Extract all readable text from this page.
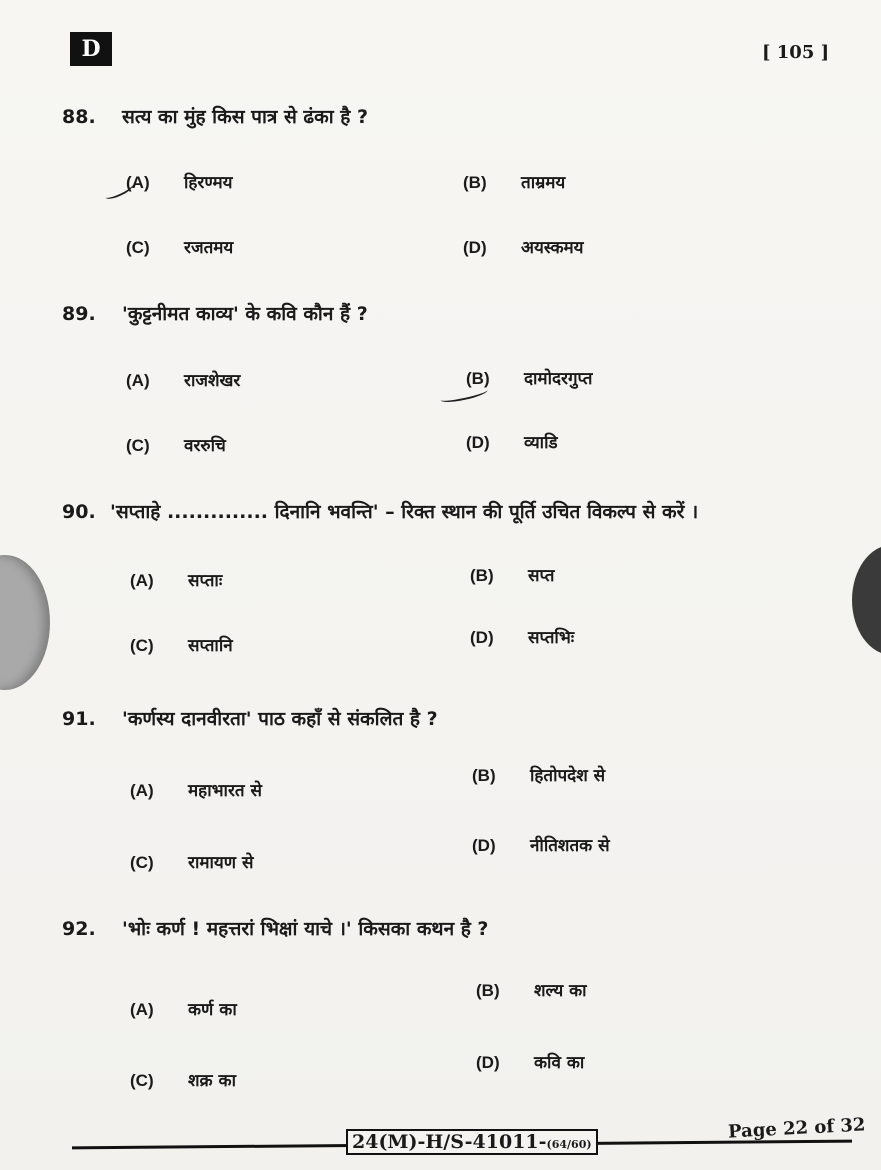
D	[ 105 ]
88. सत्य का मुंह किस पात्र से ढंका है ?
(A) हिरण्मय	(B) ताम्रमय
(C) रजतमय	(D) अयस्कमय
89. 'कुट्टनीमत काव्य' के कवि कौन हैं ?
(A) राजशेखर	(B) दामोदरगुप्त
(C) वररुचि	(D) व्याडि
90. 'सप्ताहे .............. दिनानि भवन्ति' – रिक्त स्थान की पूर्ति उचित विकल्प से करें ।
(A) सप्ताः	(B) सप्त
(C) सप्तानि	(D) सप्तभिः
91. 'कर्णस्य दानवीरता' पाठ कहाँ से संकलित है ?
(A) महाभारत से
(B) हितोपदेश से
(C) रामायण से
(D) नीतिशतक से
92. 'भोः कर्ण ! महत्तरां भिक्षां याचे ।' किसका कथन है ?
(A) कर्ण का
(B) शल्य का
(C) शक्र का
(D) कवि का
24(M)-H/S-41011-(64/60)
Page 22 of 32
